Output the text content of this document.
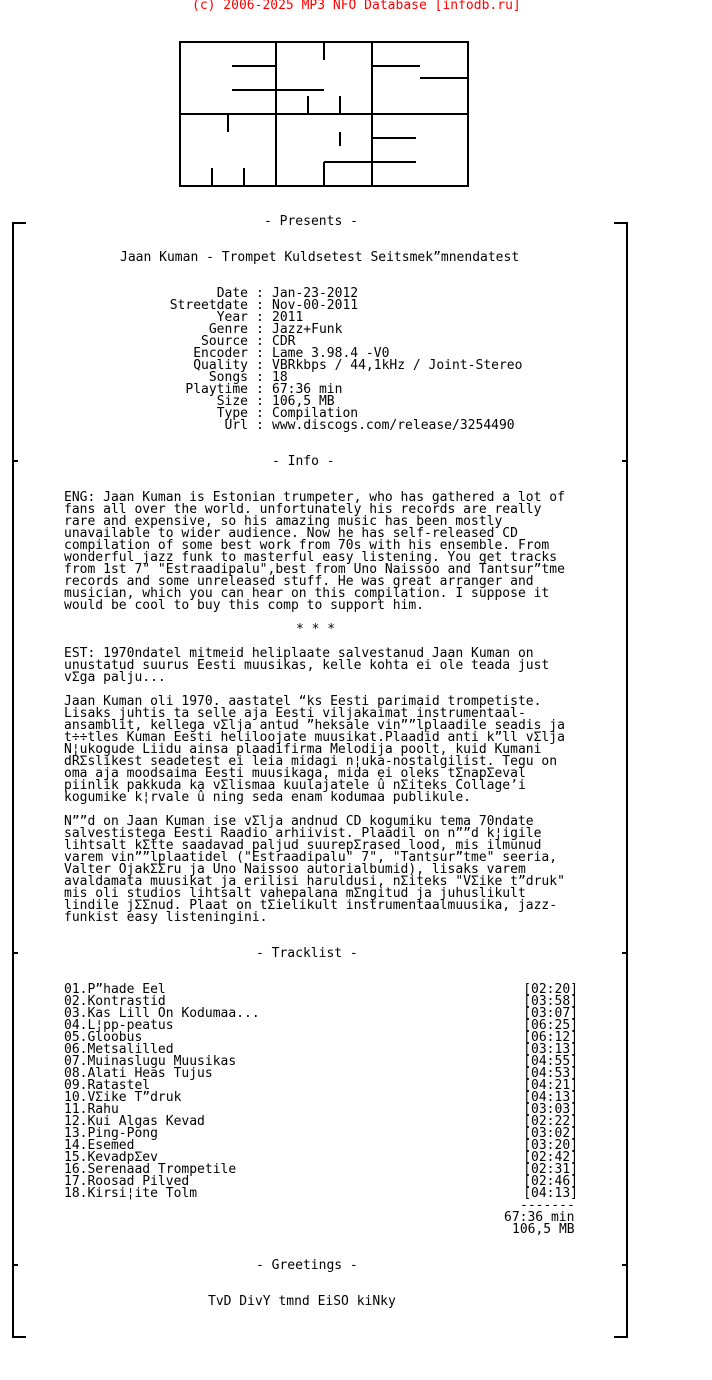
(c) 2006-2025 MP3 NFO Database [infodb.ru]
- Presents -
Jaan Kuman - Trompet Kuldsetest Seitsmek”mnendatest
Date : Jan-23-2012
Streetdate : Nov-00-2011
Year : 2011
Genre : Jazz+Funk
Source : CDR
Encoder : Lame 3.98.4 -V0
Quality : VBRkbps / 44,1kHz / Joint-Stereo
Songs : 18
Playtime : 67:36 min
Size : 106,5 MB
Type : Compilation
Url : www.discogs.com/release/3254490
- Info -
ENG: Jaan Kuman is Estonian trumpeter, who has gathered a lot of
fans all over the world. unfortunately his records are really
rare and expensive, so his amazing music has been mostly
unavailable to wider audience. Now he has self-released CD
compilation of some best work from 70s with his ensemble. From
wonderful jazz funk to masterful easy listening. You get tracks
from 1st 7" "Estraadipalu",best from Uno Naissoo and Tantsur”tme
records and some unreleased stuff. He was great arranger and
musician, which you can hear on this compilation. I suppose it
would be cool to buy this comp to support him.
* * *
EST: 1970ndatel mitmeid heliplaate salvestanud Jaan Kuman on
unustatud suurus Eesti muusikas, kelle kohta ei ole teada just
vΣga palju...
Jaan Kuman oli 1970. aastatel “ks Eesti parimaid trompetiste.
Lisaks juhtis ta selle aja Eesti viljakaimat instrumentaal-
ansamblit, kellega vΣlja antud ”heksale vin””lplaadile seadis ja
t÷÷tles Kuman Eesti heliloojate muusikat.Plaadid anti k”ll vΣlja
N¦ukogude Liidu ainsa plaadifirma Melodija poolt, kuid Kumani
dRΣslikest seadetest ei leia midagi n¦uka-nostalgilist. Tegu on
oma aja moodsaima Eesti muusikaga, mida ei oleks tΣnapΣeval
piinlik pakkuda ka vΣlismaa kuulajatele û nΣiteks Collage’i
kogumike k¦rvale û ning seda enam kodumaa publikule.
N””d on Jaan Kuman ise vΣlja andnud CD kogumiku tema 70ndate
salvestistega Eesti Raadio arhiivist. Plaadil on n””d k¦igile
lihtsalt kΣtte saadavad paljud suurepΣrased lood, mis ilmunud
varem vin””lplaatidel ("Estraadipalu" 7", "Tantsur”tme" seeria,
Valter OjakΣΣru ja Uno Naissoo autorialbumid), lisaks varem
avaldamata muusikat ja erilisi haruldusi, nΣiteks "VΣike t”druk"
mis oli studios lihtsalt vahepalana mΣngitud ja juhuslikult
lindile jΣΣnud. Plaat on tΣielikult instrumentaalmuusika, jazz-
funkist easy listeningini.
- Tracklist -
01.P”hade Eel	[02:20]
02.Kontrastid	[03:58]
03.Kas Lill On Kodumaa...	[03:07]
04.L¦pp-peatus	[06:25]
05.Gloobus	[06:12]
06.Metsalilled	[03:13]
07.Muinaslugu Muusikas	[04:55]
08.Alati Heas Tujus	[04:53]
09.Ratastel	[04:21]
10.VΣike T”druk	[04:13]
11.Rahu	[03:03]
12.Kui Algas Kevad	[02:22]
13.Ping-Pong	[03:02]
14.Esemed	[03:20]
15.KevadpΣev	[02:42]
16.Serenaad Trompetile	[02:31]
17.Roosad Pilved	[02:46]
18.Kirsi¦ite Tolm	[04:13]
-------
67:36 min
106,5 MB
- Greetings -
TvD DivY tmnd EiSO kiNky
